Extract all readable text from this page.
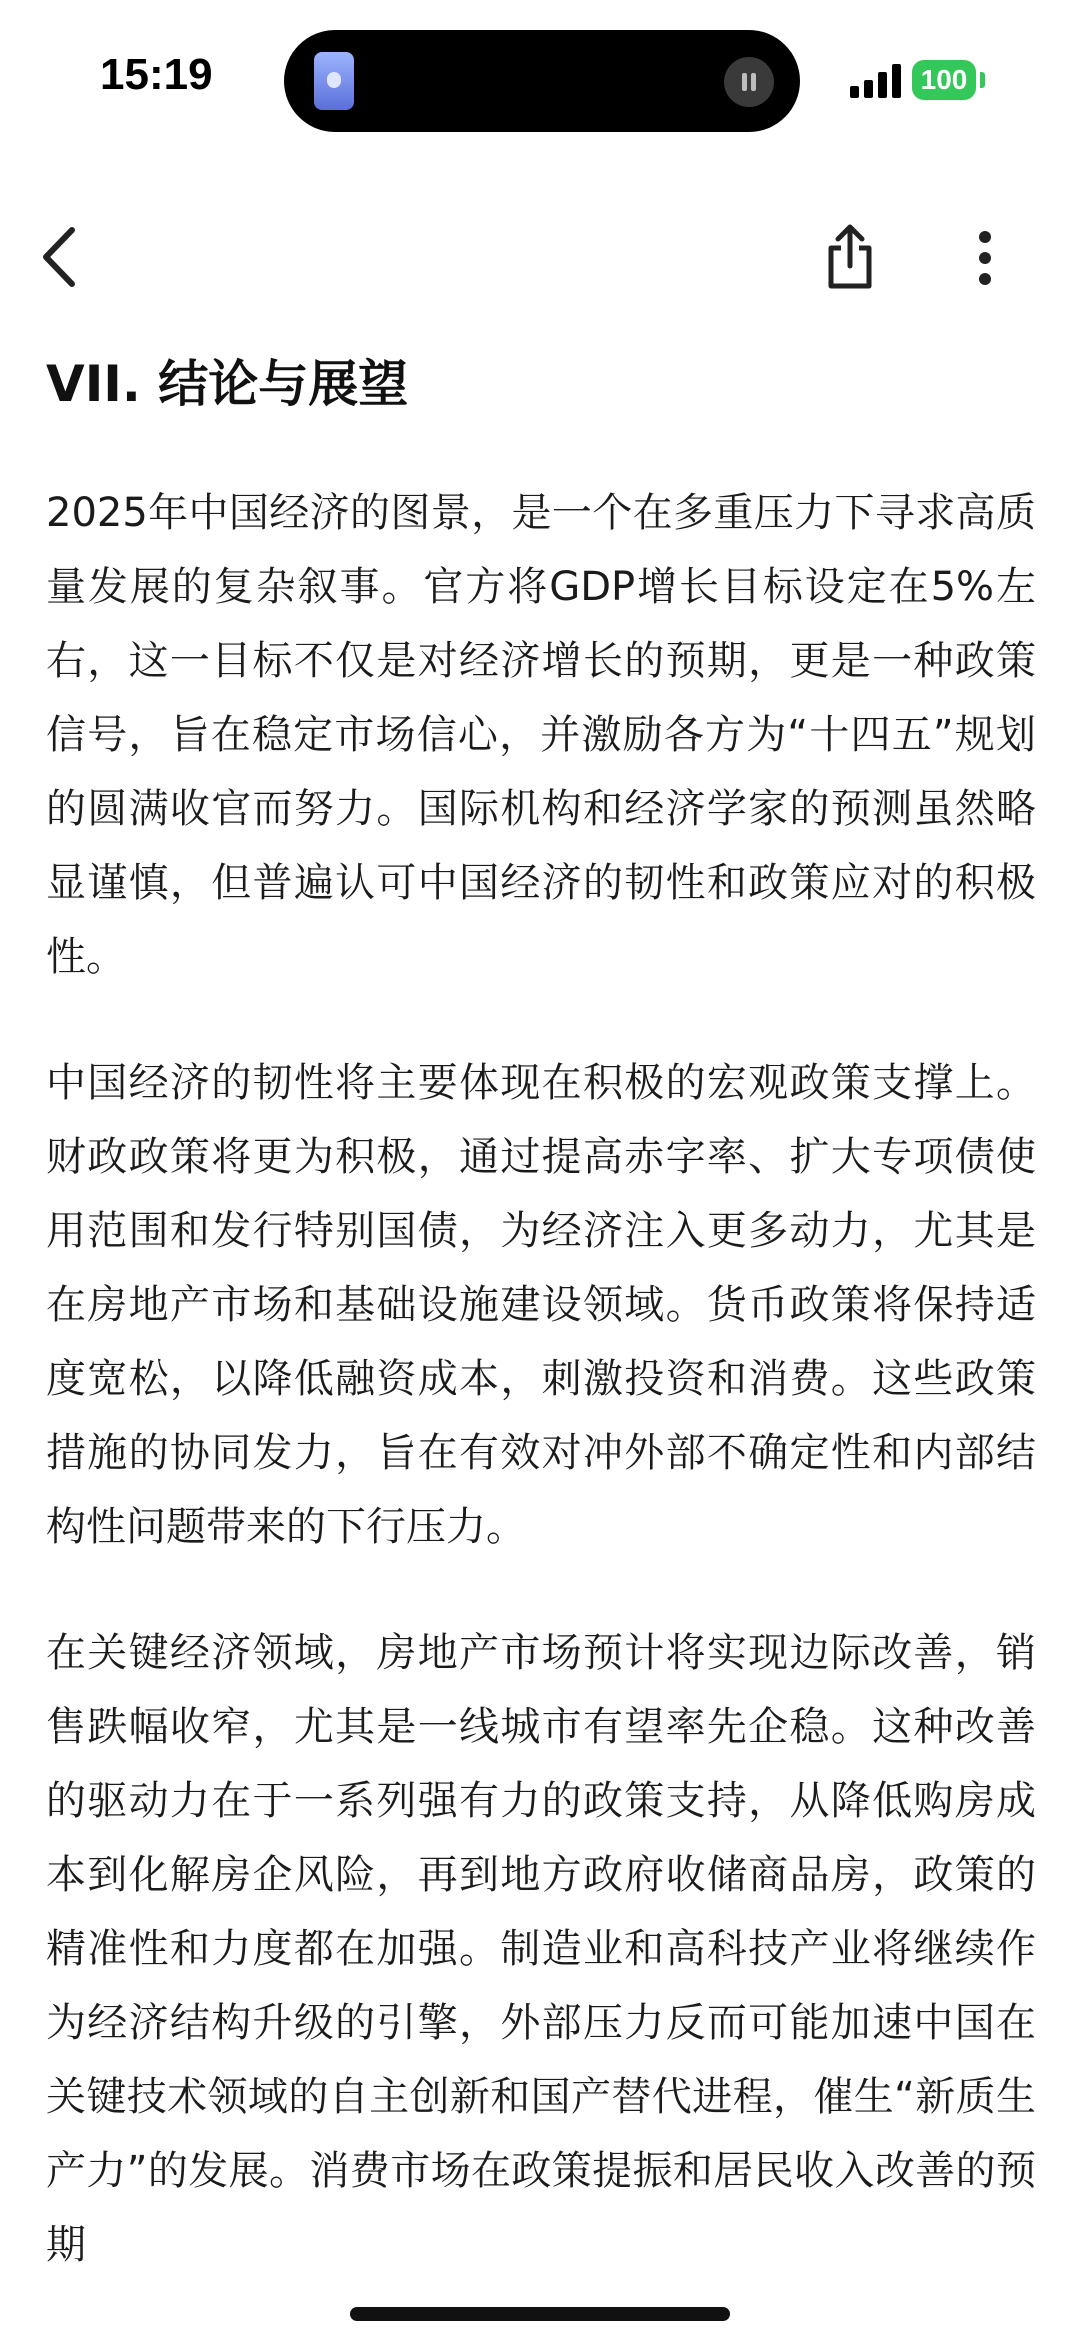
15:19	100
VII. 结论与展望

2025年中国经济的图景，是一个在多重压力下寻求高质量发展的复杂叙事。官方将GDP增长目标设定在5%左右，这一目标不仅是对经济增长的预期，更是一种政策信号，旨在稳定市场信心，并激励各方为“十四五”规划的圆满收官而努力。国际机构和经济学家的预测虽然略显谨慎，但普遍认可中国经济的韧性和政策应对的积极性。

中国经济的韧性将主要体现在积极的宏观政策支撑上。财政政策将更为积极，通过提高赤字率、扩大专项债使用范围和发行特别国债，为经济注入更多动力，尤其是在房地产市场和基础设施建设领域。货币政策将保持适度宽松，以降低融资成本，刺激投资和消费。这些政策措施的协同发力，旨在有效对冲外部不确定性和内部结构性问题带来的下行压力。

在关键经济领域，房地产市场预计将实现边际改善，销售跌幅收窄，尤其是一线城市有望率先企稳。这种改善的驱动力在于一系列强有力的政策支持，从降低购房成本到化解房企风险，再到地方政府收储商品房，政策的精准性和力度都在加强。制造业和高科技产业将继续作为经济结构升级的引擎，外部压力反而可能加速中国在关键技术领域的自主创新和国产替代进程，催生“新质生产力”的发展。消费市场在政策提振和居民收入改善的预期
